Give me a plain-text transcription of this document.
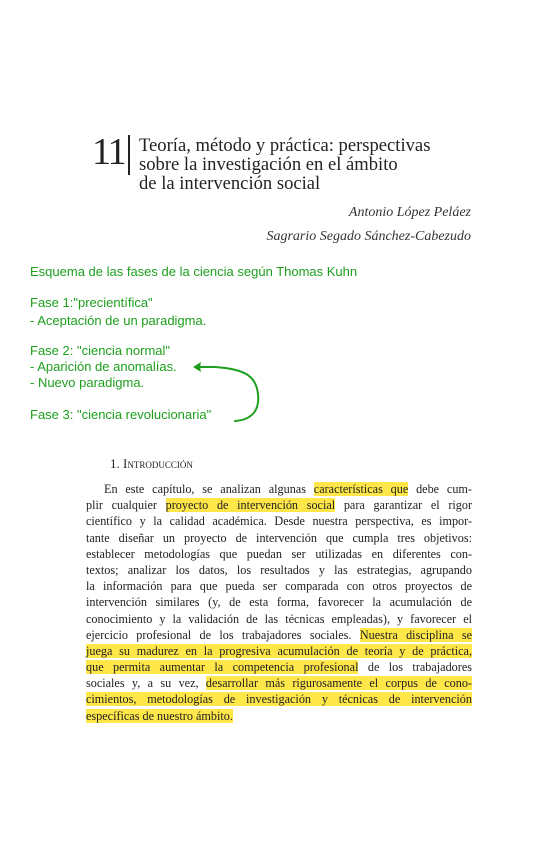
11 Teoría, método y práctica: perspectivas
sobre la investigación en el ámbito
de la intervención social
Antonio López Peláez
Sagrario Segado Sánchez-Cabezudo
Esquema de las fases de la ciencia según Thomas Kuhn
Fase 1:"precientífica"
- Aceptación de un paradigma.
Fase 2: "ciencia normal"
- Aparición de anomalías.
- Nuevo paradigma.
Fase 3: "ciencia revolucionaria"
1. Introducción
En este capítulo, se analizan algunas características que debe cum-
plir cualquier proyecto de intervención social para garantizar el rigor
científico y la calidad académica. Desde nuestra perspectiva, es impor-
tante diseñar un proyecto de intervención que cumpla tres objetivos:
establecer metodologías que puedan ser utilizadas en diferentes con-
textos; analizar los datos, los resultados y las estrategias, agrupando
la información para que pueda ser comparada con otros proyectos de
intervención similares (y, de esta forma, favorecer la acumulación de
conocimiento y la validación de las técnicas empleadas), y favorecer el
ejercicio profesional de los trabajadores sociales. Nuestra disciplina se
juega su madurez en la progresiva acumulación de teoría y de práctica,
que permita aumentar la competencia profesional de los trabajadores
sociales y, a su vez, desarrollar más rigurosamente el corpus de cono-
cimientos, metodologías de investigación y técnicas de intervención
específicas de nuestro ámbito.
